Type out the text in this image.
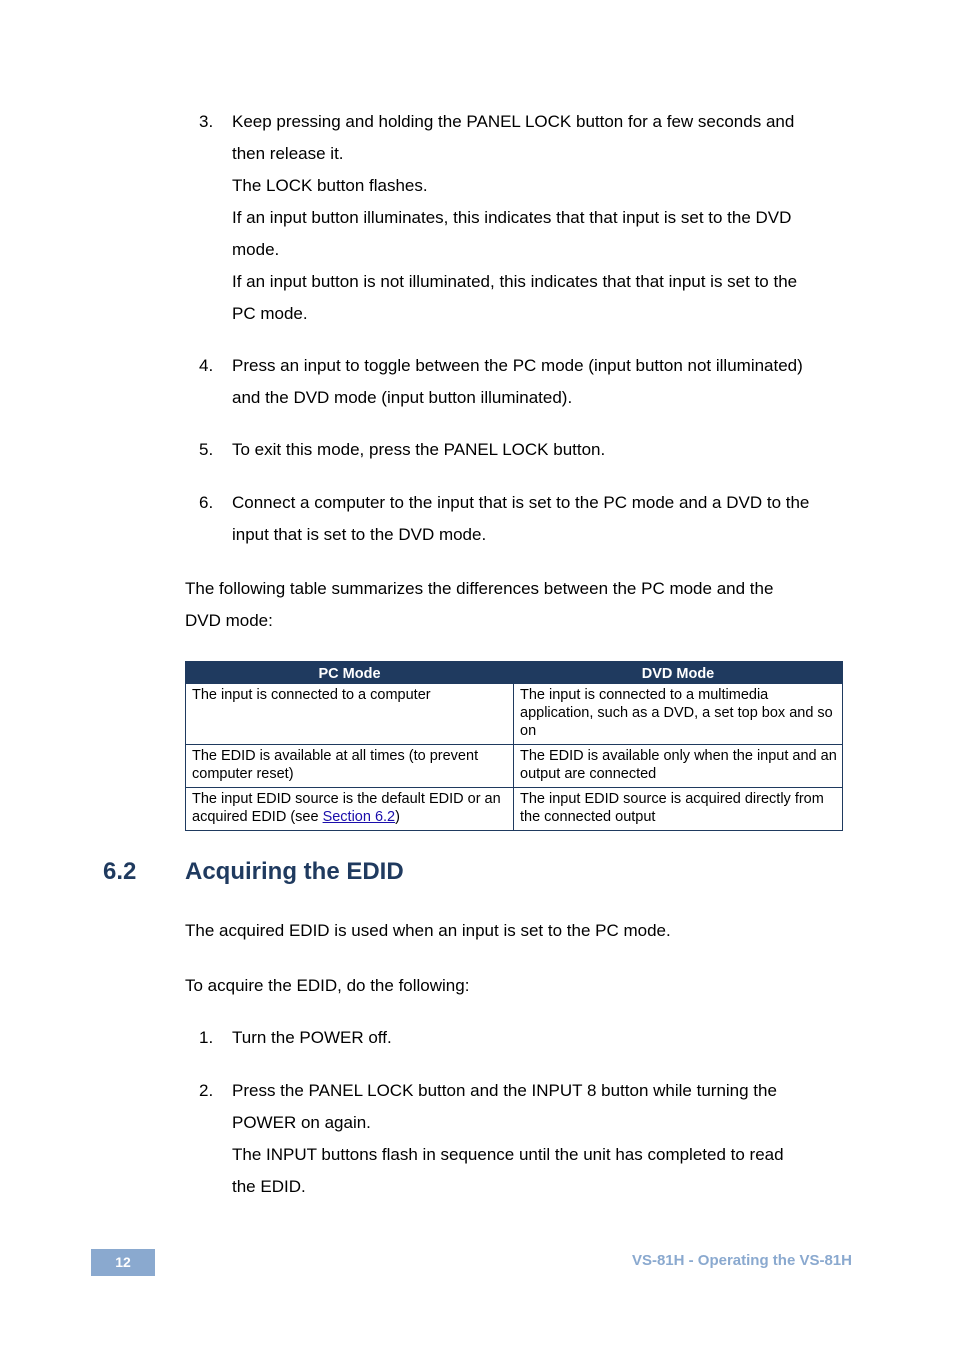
3. Keep pressing and holding the PANEL LOCK button for a few seconds and
then release it.
The LOCK button flashes.
If an input button illuminates, this indicates that that input is set to the DVD
mode.
If an input button is not illuminated, this indicates that that input is set to the
PC mode.
4. Press an input to toggle between the PC mode (input button not illuminated)
and the DVD mode (input button illuminated).
5. To exit this mode, press the PANEL LOCK button.
6. Connect a computer to the input that is set to the PC mode and a DVD to the
input that is set to the DVD mode.
The following table summarizes the differences between the PC mode and the
DVD mode:
PC Mode	DVD Mode
The input is connected to a computer	The input is connected to a multimedia application, such as a DVD, a set top box and so on
The EDID is available at all times (to prevent computer reset)	The EDID is available only when the input and an output are connected
The input EDID source is the default EDID or an acquired EDID (see Section 6.2)	The input EDID source is acquired directly from the connected output
6.2 Acquiring the EDID
The acquired EDID is used when an input is set to the PC mode.
To acquire the EDID, do the following:
1. Turn the POWER off.
2. Press the PANEL LOCK button and the INPUT 8 button while turning the
POWER on again.
The INPUT buttons flash in sequence until the unit has completed to read
the EDID.
12	VS-81H - Operating the VS-81H
